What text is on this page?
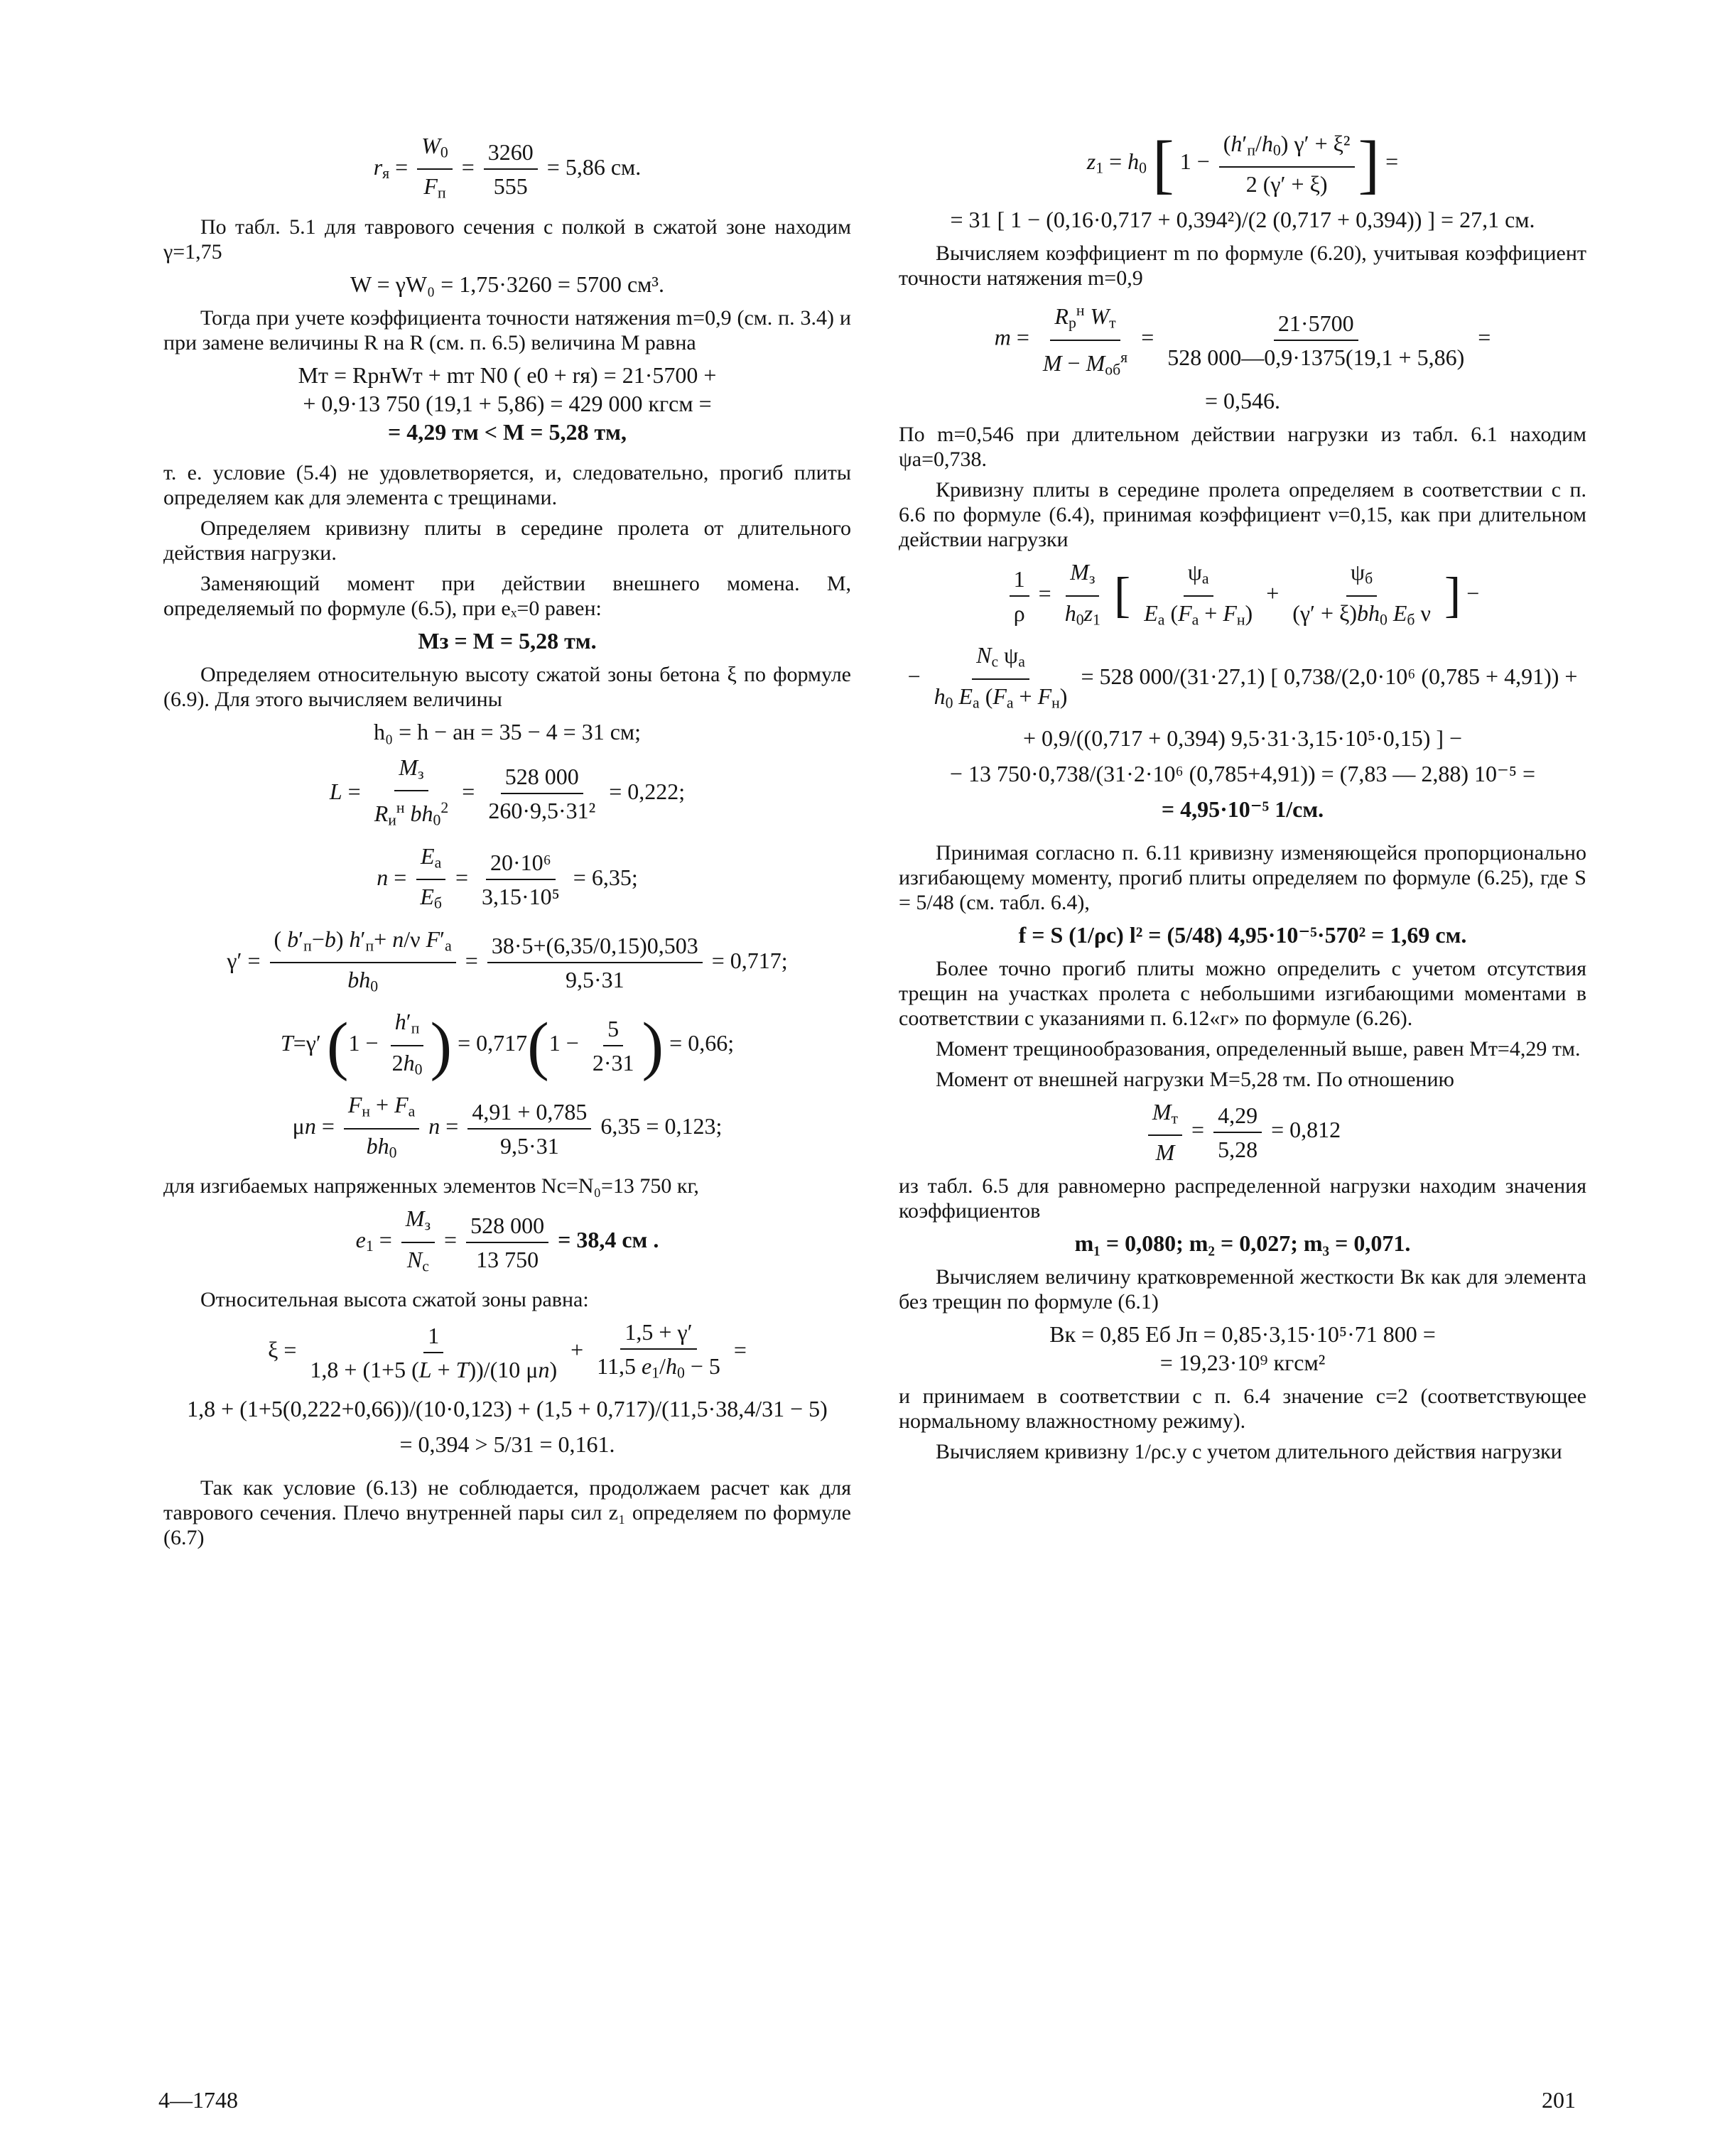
$r_я = \frac{W_0}{F_п} = \frac{3260}{555} = 5,86$ см.

По табл. 5.1 для таврового сечения с полкой в сжатой зоне находим γ=1,75

W = γW₀ = 1,75·3260 = 5700 см³.

Тогда при учете коэффициента точности натяжения m=0,9 (см. п. 3.4) и при замене величины R на R (см. п. 6.5) величина M равна

Mт = RрнWт + mт N0 ( e0 + rя) = 21·5700 +
+ 0,9·13 750 (19,1 + 5,86) = 429 000 кгсм =
= 4,29 тм < M = 5,28 тм,

т. е. условие (5.4) не удовлетворяется, и, следовательно, прогиб плиты определяем как для элемента с трещинами.

Определяем кривизну плиты в середине пролета от длительного действия нагрузки.

Заменяющий момент при действии внешнего момена. M, определяемый по формуле (6.5), при eₓ=0 равен:

Mз = M = 5,28 тм.

Определяем относительную высоту сжатой зоны бетона ξ по формуле (6.9). Для этого вычисляем величины

h₀ = h − aн = 35 − 4 = 31 см;
$L = \frac{M_з}{R_и^н bh_0^2} = \frac{528 000}{\text{260·9,5·31²}} = 0,222$;
$n = \frac{E_а}{E_б} = \frac{\text{20·10⁶}}{\text{3,15·10⁵}} = 6,35$;
$\gamma' = \frac{( b'_п-b) h'_п+ n/\nu F'_а}{bh_0} = \frac{38\cdot 5+(6,35/0,15)0,503}{9,5\cdot 31} = 0,717$;
T=γ′ ($1 - \frac{h'_п}{2h_0}$ ) = $0,717(1 - \frac{5}{2\cdot 31}$ ) = 0,66;
$\mu n = \frac{F_н + F_а}{bh_0}$ $n = \frac{4,91 + 0,785}{9,5\cdot 31} 6,35 = 0,123$;

для изгибаемых напряженных элементов Nc=N₀=13 750 кг,

$e_1 = \frac{M_з}{N_c} = \frac{528 000}{13 750} = 38,4$ см .

Относительная высота сжатой зоны равна:

$\xi = \frac{1}{1,8 + (1+5 (L + T))/(10 \mu n)} + \frac{1,5 + \gamma'}{11,5 e_1/h_0 - 5}$ =
1,8 + (1+5(0,222+0,66))/(10·0,123) + (1,5 + 0,717)/(11,5·38,4/31 − 5)
= 0,394 > 5/31 = 0,161.

Так как условие (6.13) не соблюдается, продолжаем расчет как для таврового сечения. Плечо внутренней пары сил z₁ определяем по формуле (6.7)

$z_1 = h_0$ [ $1 - \frac{(h'_п/h_0) \gamma' + \xi^2}{2 (\gamma' + \xi)}$ ] =
= 31 [ 1 − (0,16·0,717 + 0,394²)/(2 (0,717 + 0,394)) ] = 27,1 см.

Вычисляем коэффициент m по формуле (6.20), учитывая коэффициент точности натяжения m=0,9

$m = \frac{R_р^н W_т}{M - M_{об}^я} = \frac{21\cdot 5700}{528 000—0,9\cdot 1375(19,1 + 5,86)}$ =
= 0,546.

По m=0,546 при длительном действии нагрузки из табл. 6.1 находим ψa=0,738.

Кривизну плиты в середине пролета определяем в соответствии с п. 6.6 по формуле (6.4), принимая коэффициент ν=0,15, как при длительном действии нагрузки

$\frac{1}{\rho} = \frac{M_з}{h_0z_1}$ [ $\frac{\psi_а}{E_а (F_а + F_н)} + \frac{\psi_б}{(\gamma' + \xi)bh_0 E_б \nu}$ ] −
− $\frac{N_c \psi_а}{h_0 E_а (F_а + F_н)} = 528$ 000/(31·27,1) [ 0,738/(2,0·10⁶ (0,785 + 4,91)) +
+ 0,9/((0,717 + 0,394) 9,5·31·3,15·10⁵·0,15) ] −
− 13 750·0,738/(31·2·10⁶ (0,785+4,91)) = (7,83 — 2,88) 10⁻⁵ =
= 4,95·10⁻⁵ 1/см.

Принимая согласно п. 6.11 кривизну изменяющейся пропорционально изгибающему моменту, прогиб плиты определяем по формуле (6.25), где S = 5/48 (см. табл. 6.4),

f = S (1/ρc) l² = (5/48) 4,95·10⁻⁵·570² = 1,69 см.

Более точно прогиб плиты можно определить с учетом отсутствия трещин на участках пролета с небольшими изгибающими моментами в соответствии с указаниями п. 6.12«г» по формуле (6.26).

Момент трещинообразования, определенный выше, равен Mт=4,29 тм.

Момент от внешней нагрузки M=5,28 тм. По отношению

$\frac{M_т}{M} = \frac{4,29}{5,28} = 0,812$

из табл. 6.5 для равномерно распределенной нагрузки находим значения коэффициентов

m₁ = 0,080; m₂ = 0,027; m₃ = 0,071.

Вычисляем величину кратковременной жесткости Bк как для элемента без трещин по формуле (6.1)

Bк = 0,85 Eб Jп = 0,85·3,15·10⁵·71 800 =
= 19,23·10⁹ кгсм²

и принимаем в соответствии с п. 6.4 значение c=2 (соответствующее нормальному влажностному режиму).

Вычисляем кривизну 1/ρс.у с учетом длительного действия нагрузки

4—1748	201
